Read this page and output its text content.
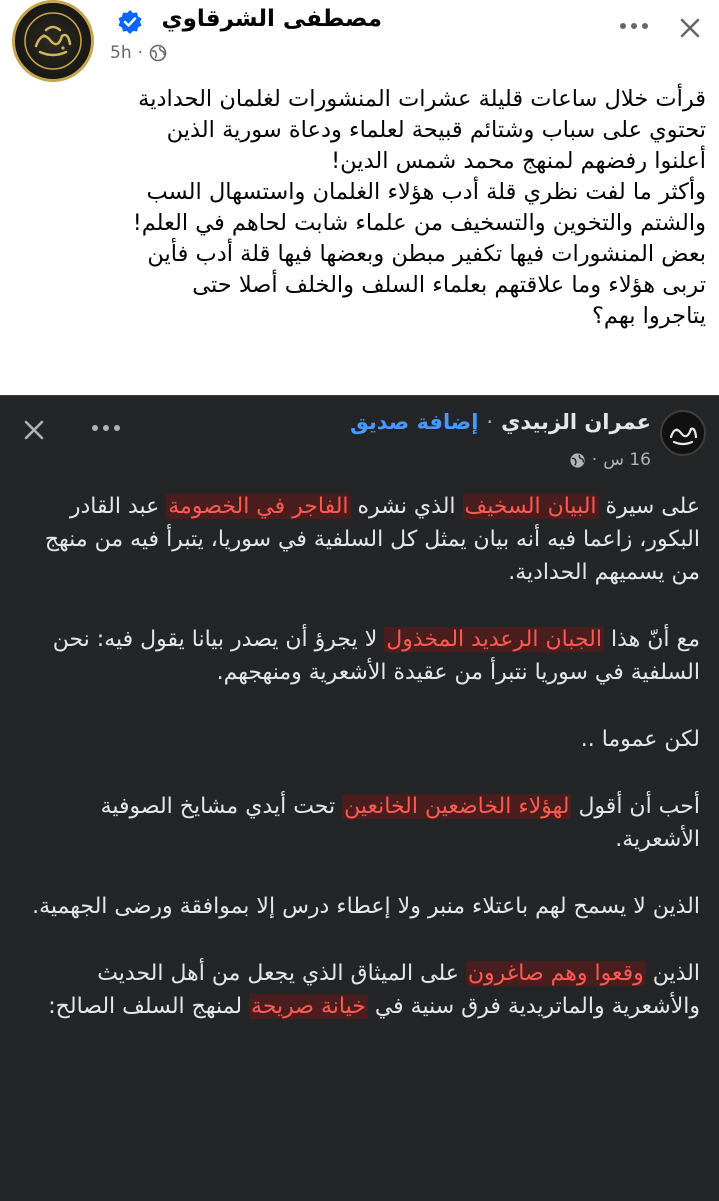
مصطفى الشرقاوي
5h ·

قرأت خلال ساعات قليلة عشرات المنشورات لغلمان الحدادية

تحتوي على سباب وشتائم قبيحة لعلماء ودعاة سورية الذين

أعلنوا رفضهم لمنهج محمد شمس الدين!

وأكثر ما لفت نظري قلة أدب هؤلاء الغلمان واستسهال السب

والشتم والتخوين والتسخيف من علماء شابت لحاهم في العلم!

بعض المنشورات فيها تكفير مبطن وبعضها فيها قلة أدب فأين

تربى هؤلاء وما علاقتهم بعلماء السلف والخلف أصلا حتى

يتاجروا بهم؟

عمران الزبيدي
·
إضافة صديق
16 س
·

على سيرة البيان السخيف الذي نشره الفاجر في الخصومة عبد القادر البكور، زاعما فيه أنه بيان يمثل كل السلفية في سوريا، يتبرأ فيه من منهج من يسميهم الحدادية.

مع أنّ هذا الجبان الرعديد المخذول لا يجرؤ أن يصدر بيانا يقول فيه: نحن السلفية في سوريا نتبرأ من عقيدة الأشعرية ومنهجهم.

لكن عموما ..

أحب أن أقول لهؤلاء الخاضعين الخانعين تحت أيدي مشايخ الصوفية الأشعرية.

الذين لا يسمح لهم باعتلاء منبر ولا إعطاء درس إلا بموافقة ورضى الجهمية.

الذين وقعوا وهم صاغرون على الميثاق الذي يجعل من أهل الحديث والأشعرية والماتريدية فرق سنية في خيانة صريحة لمنهج السلف الصالح:
